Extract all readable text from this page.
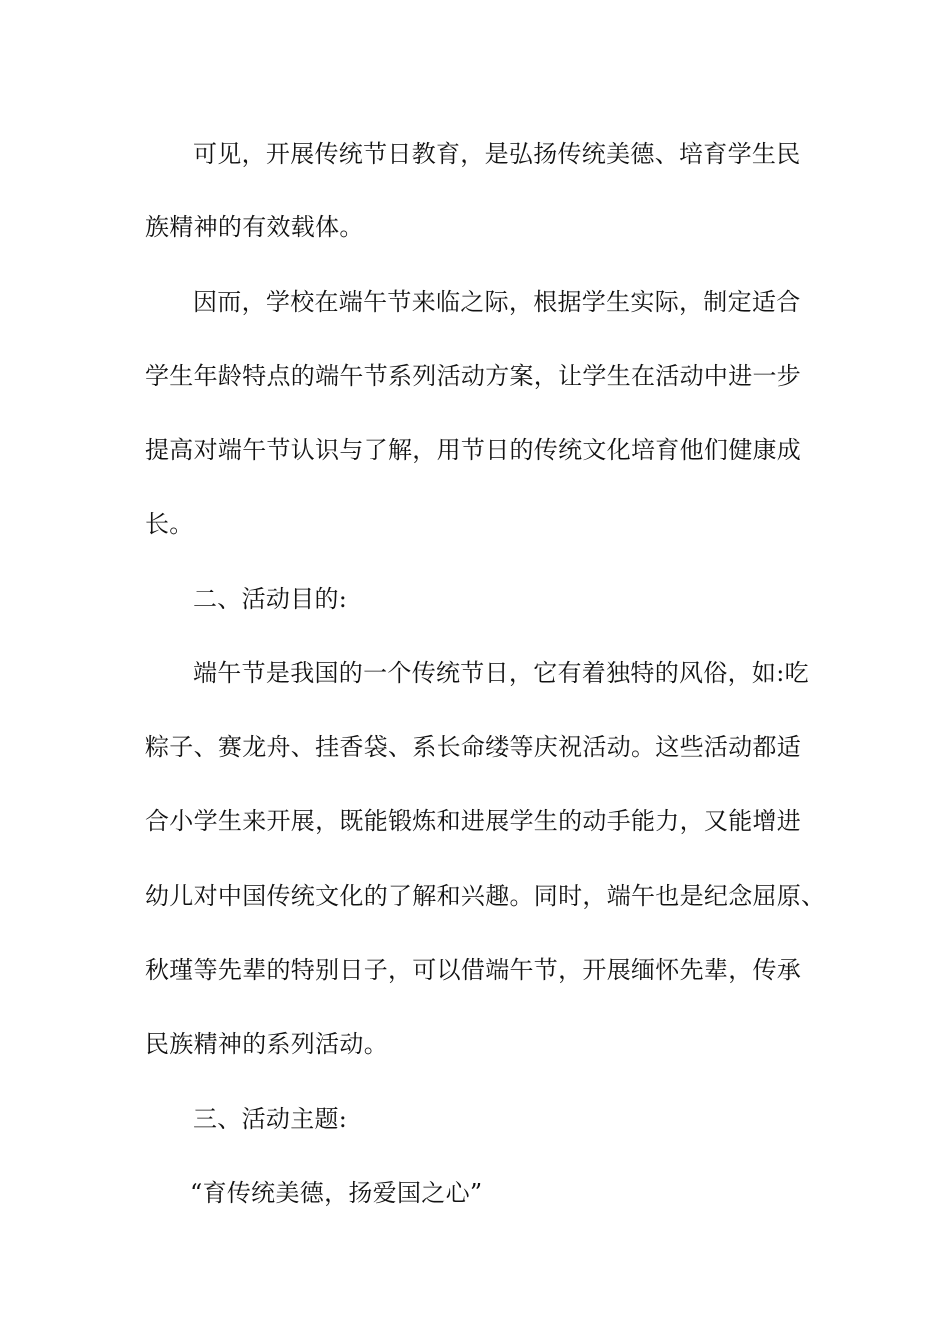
可见，开展传统节日教育，是弘扬传统美德、培育学生民
族精神的有效载体。
因而，学校在端午节来临之际，根据学生实际，制定适合
学生年龄特点的端午节系列活动方案，让学生在活动中进一步
提高对端午节认识与了解，用节日的传统文化培育他们健康成
长。
二、活动目的:
端午节是我国的一个传统节日，它有着独特的风俗，如:吃
粽子、赛龙舟、挂香袋、系长命缕等庆祝活动。这些活动都适
合小学生来开展，既能锻炼和进展学生的动手能力，又能增进
幼儿对中国传统文化的了解和兴趣。同时，端午也是纪念屈原、
秋瑾等先辈的特别日子，可以借端午节，开展缅怀先辈，传承
民族精神的系列活动。
三、活动主题:
“育传统美德，扬爱国之心”
